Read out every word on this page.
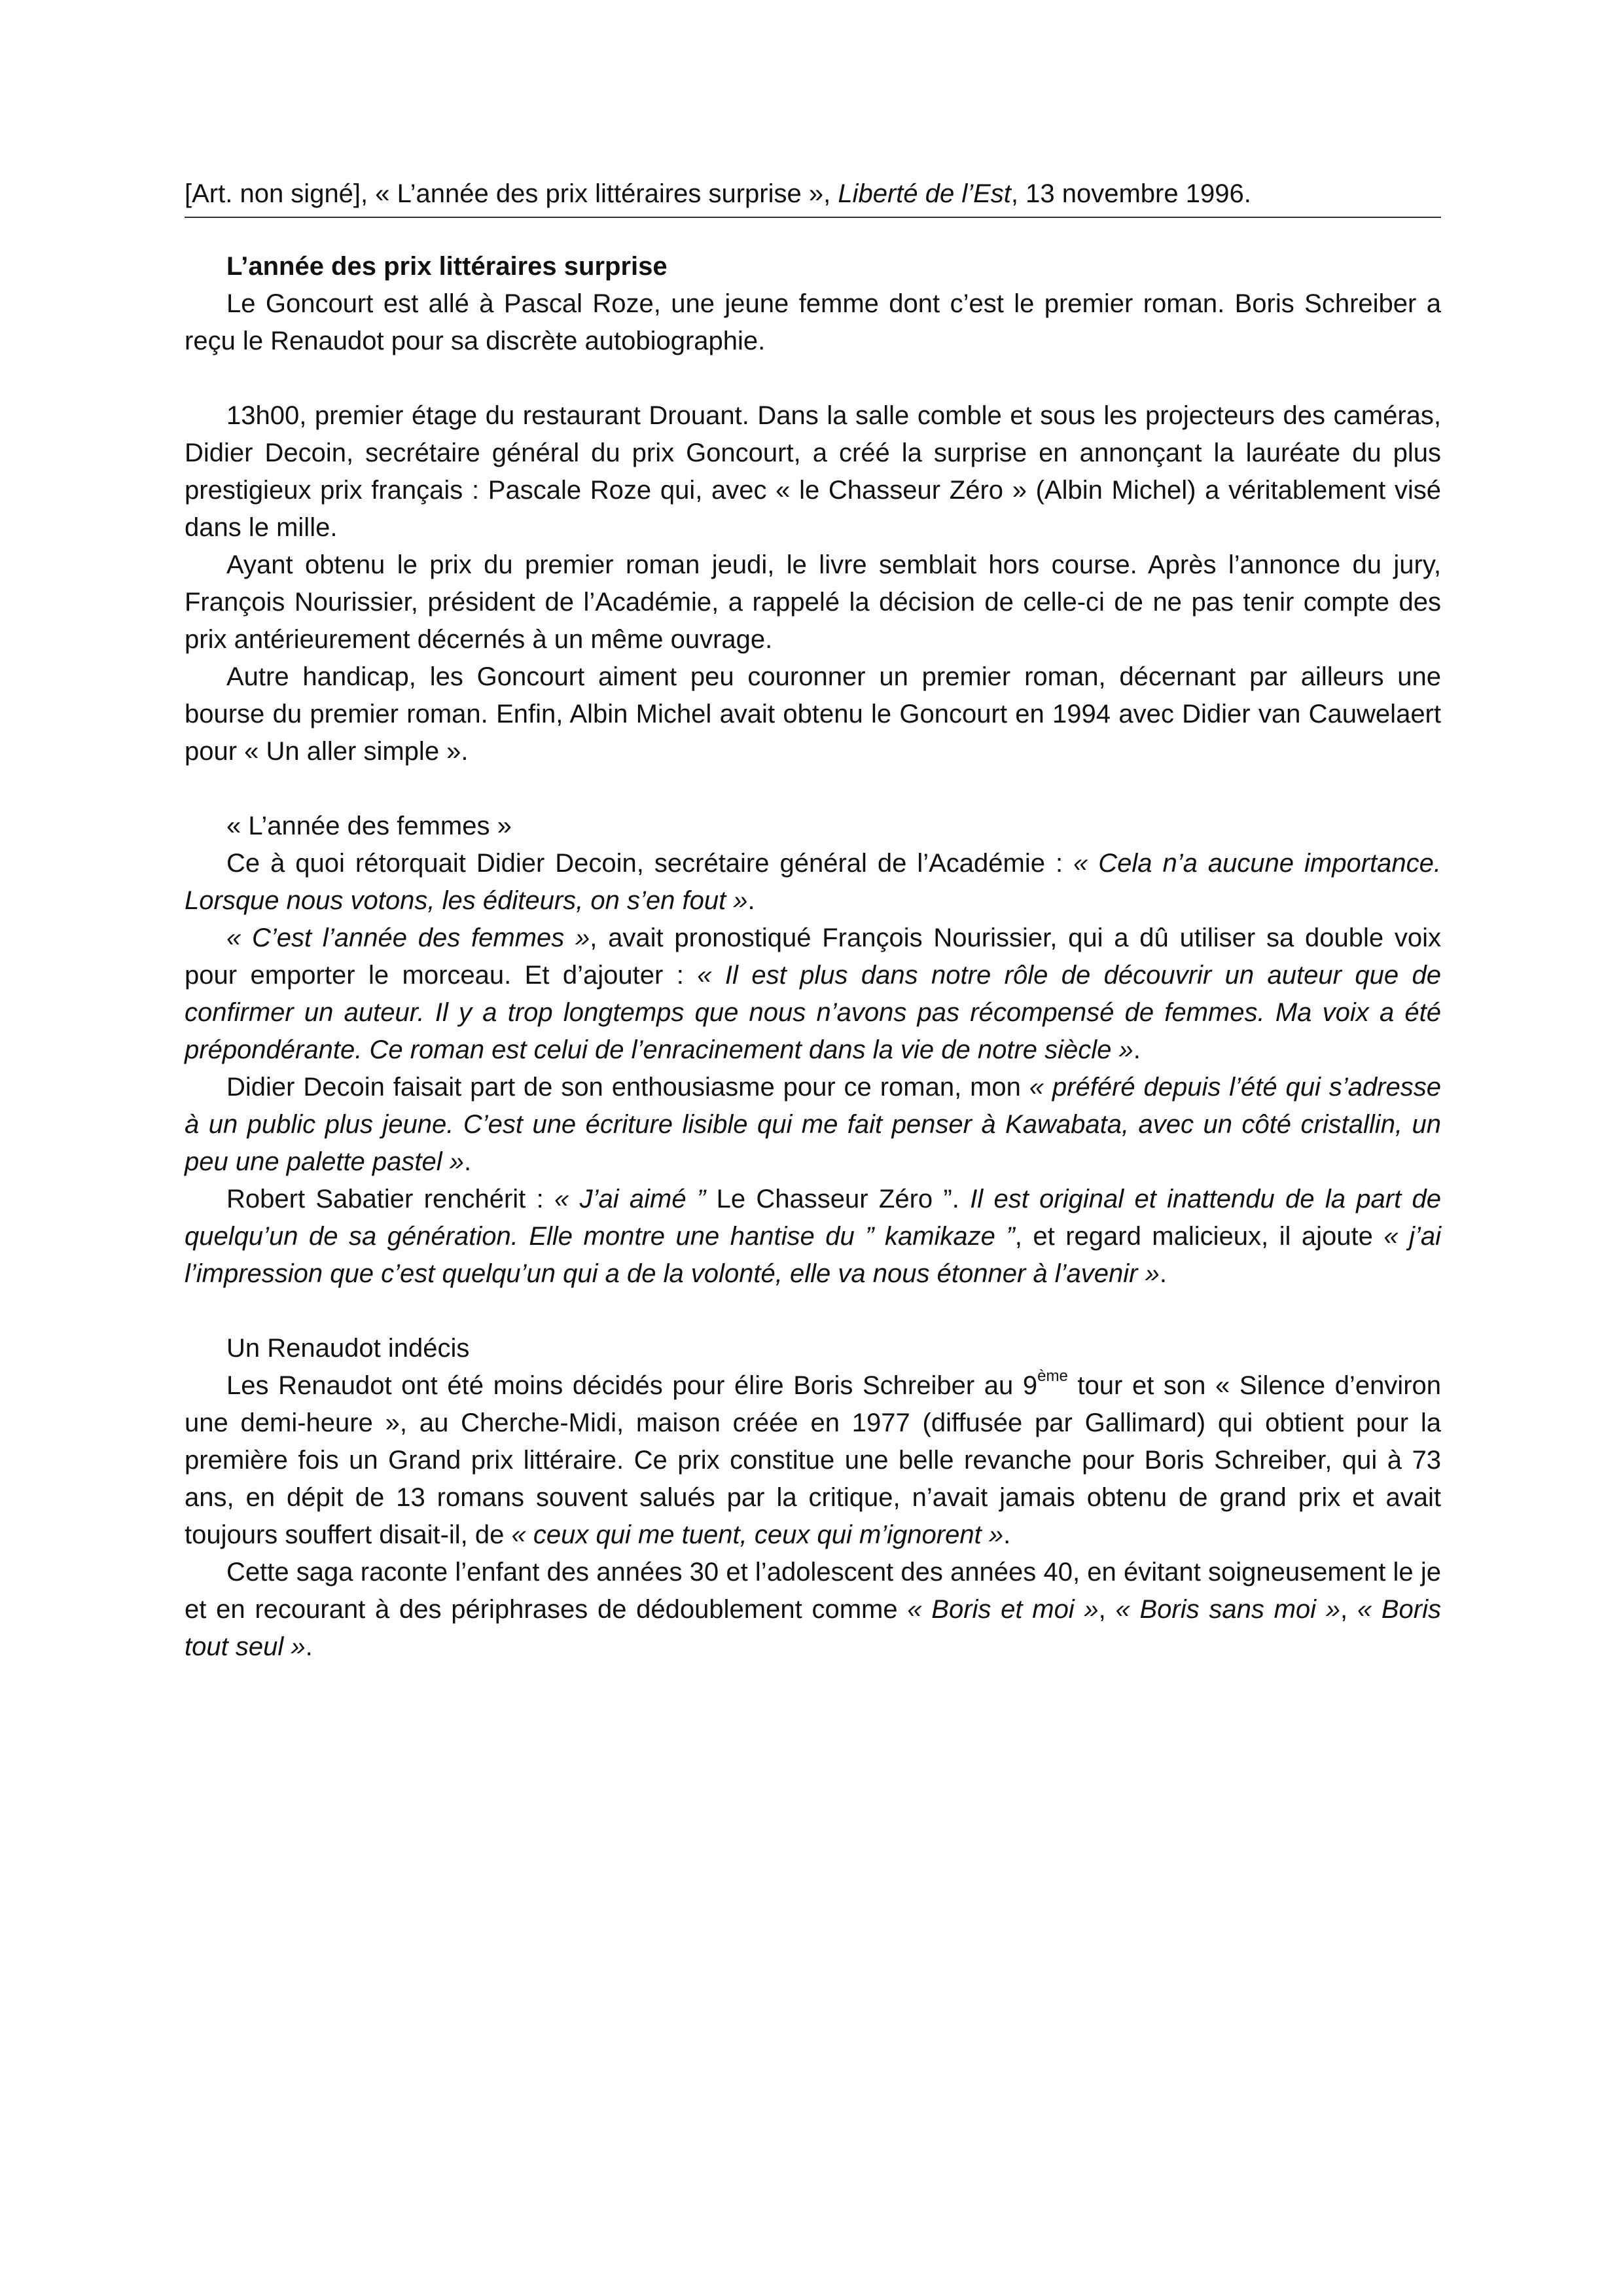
[Art. non signé], « L’année des prix littéraires surprise », Liberté de l’Est, 13 novembre 1996.
L’année des prix littéraires surprise

Le Goncourt est allé à Pascal Roze, une jeune femme dont c’est le premier roman. Boris Schreiber a reçu le Renaudot pour sa discrète autobiographie.

13h00, premier étage du restaurant Drouant. Dans la salle comble et sous les projecteurs des caméras, Didier Decoin, secrétaire général du prix Goncourt, a créé la surprise en annonçant la lauréate du plus prestigieux prix français : Pascale Roze qui, avec « le Chasseur Zéro » (Albin Michel) a véritablement visé dans le mille.

Ayant obtenu le prix du premier roman jeudi, le livre semblait hors course. Après l’annonce du jury, François Nourissier, président de l’Académie, a rappelé la décision de celle-ci de ne pas tenir compte des prix antérieurement décernés à un même ouvrage.

Autre handicap, les Goncourt aiment peu couronner un premier roman, décernant par ailleurs une bourse du premier roman. Enfin, Albin Michel avait obtenu le Goncourt en 1994 avec Didier van Cauwelaert pour « Un aller simple ».

« L’année des femmes »

Ce à quoi rétorquait Didier Decoin, secrétaire général de l’Académie : « Cela n’a aucune importance. Lorsque nous votons, les éditeurs, on s’en fout ».

« C’est l’année des femmes », avait pronostiqué François Nourissier, qui a dû utiliser sa double voix pour emporter le morceau. Et d’ajouter : « Il est plus dans notre rôle de découvrir un auteur que de confirmer un auteur. Il y a trop longtemps que nous n’avons pas récompensé de femmes. Ma voix a été prépondérante. Ce roman est celui de l’enracinement dans la vie de notre siècle ».

Didier Decoin faisait part de son enthousiasme pour ce roman, mon « préféré depuis l’été qui s’adresse à un public plus jeune. C’est une écriture lisible qui me fait penser à Kawabata, avec un côté cristallin, un peu une palette pastel ».

Robert Sabatier renchérit : « J’ai aimé ” Le Chasseur Zéro ”. Il est original et inattendu de la part de quelqu’un de sa génération. Elle montre une hantise du ” kamikaze ”, et regard malicieux, il ajoute « j’ai l’impression que c’est quelqu’un qui a de la volonté, elle va nous étonner à l’avenir ».

Un Renaudot indécis

Les Renaudot ont été moins décidés pour élire Boris Schreiber au 9ème tour et son « Silence d’environ une demi-heure », au Cherche-Midi, maison créée en 1977 (diffusée par Gallimard) qui obtient pour la première fois un Grand prix littéraire. Ce prix constitue une belle revanche pour Boris Schreiber, qui à 73 ans, en dépit de 13 romans souvent salués par la critique, n’avait jamais obtenu de grand prix et avait toujours souffert disait-il, de « ceux qui me tuent, ceux qui m’ignorent ».

Cette saga raconte l’enfant des années 30 et l’adolescent des années 40, en évitant soigneusement le je et en recourant à des périphrases de dédoublement comme « Boris et moi », « Boris sans moi », « Boris tout seul ».
